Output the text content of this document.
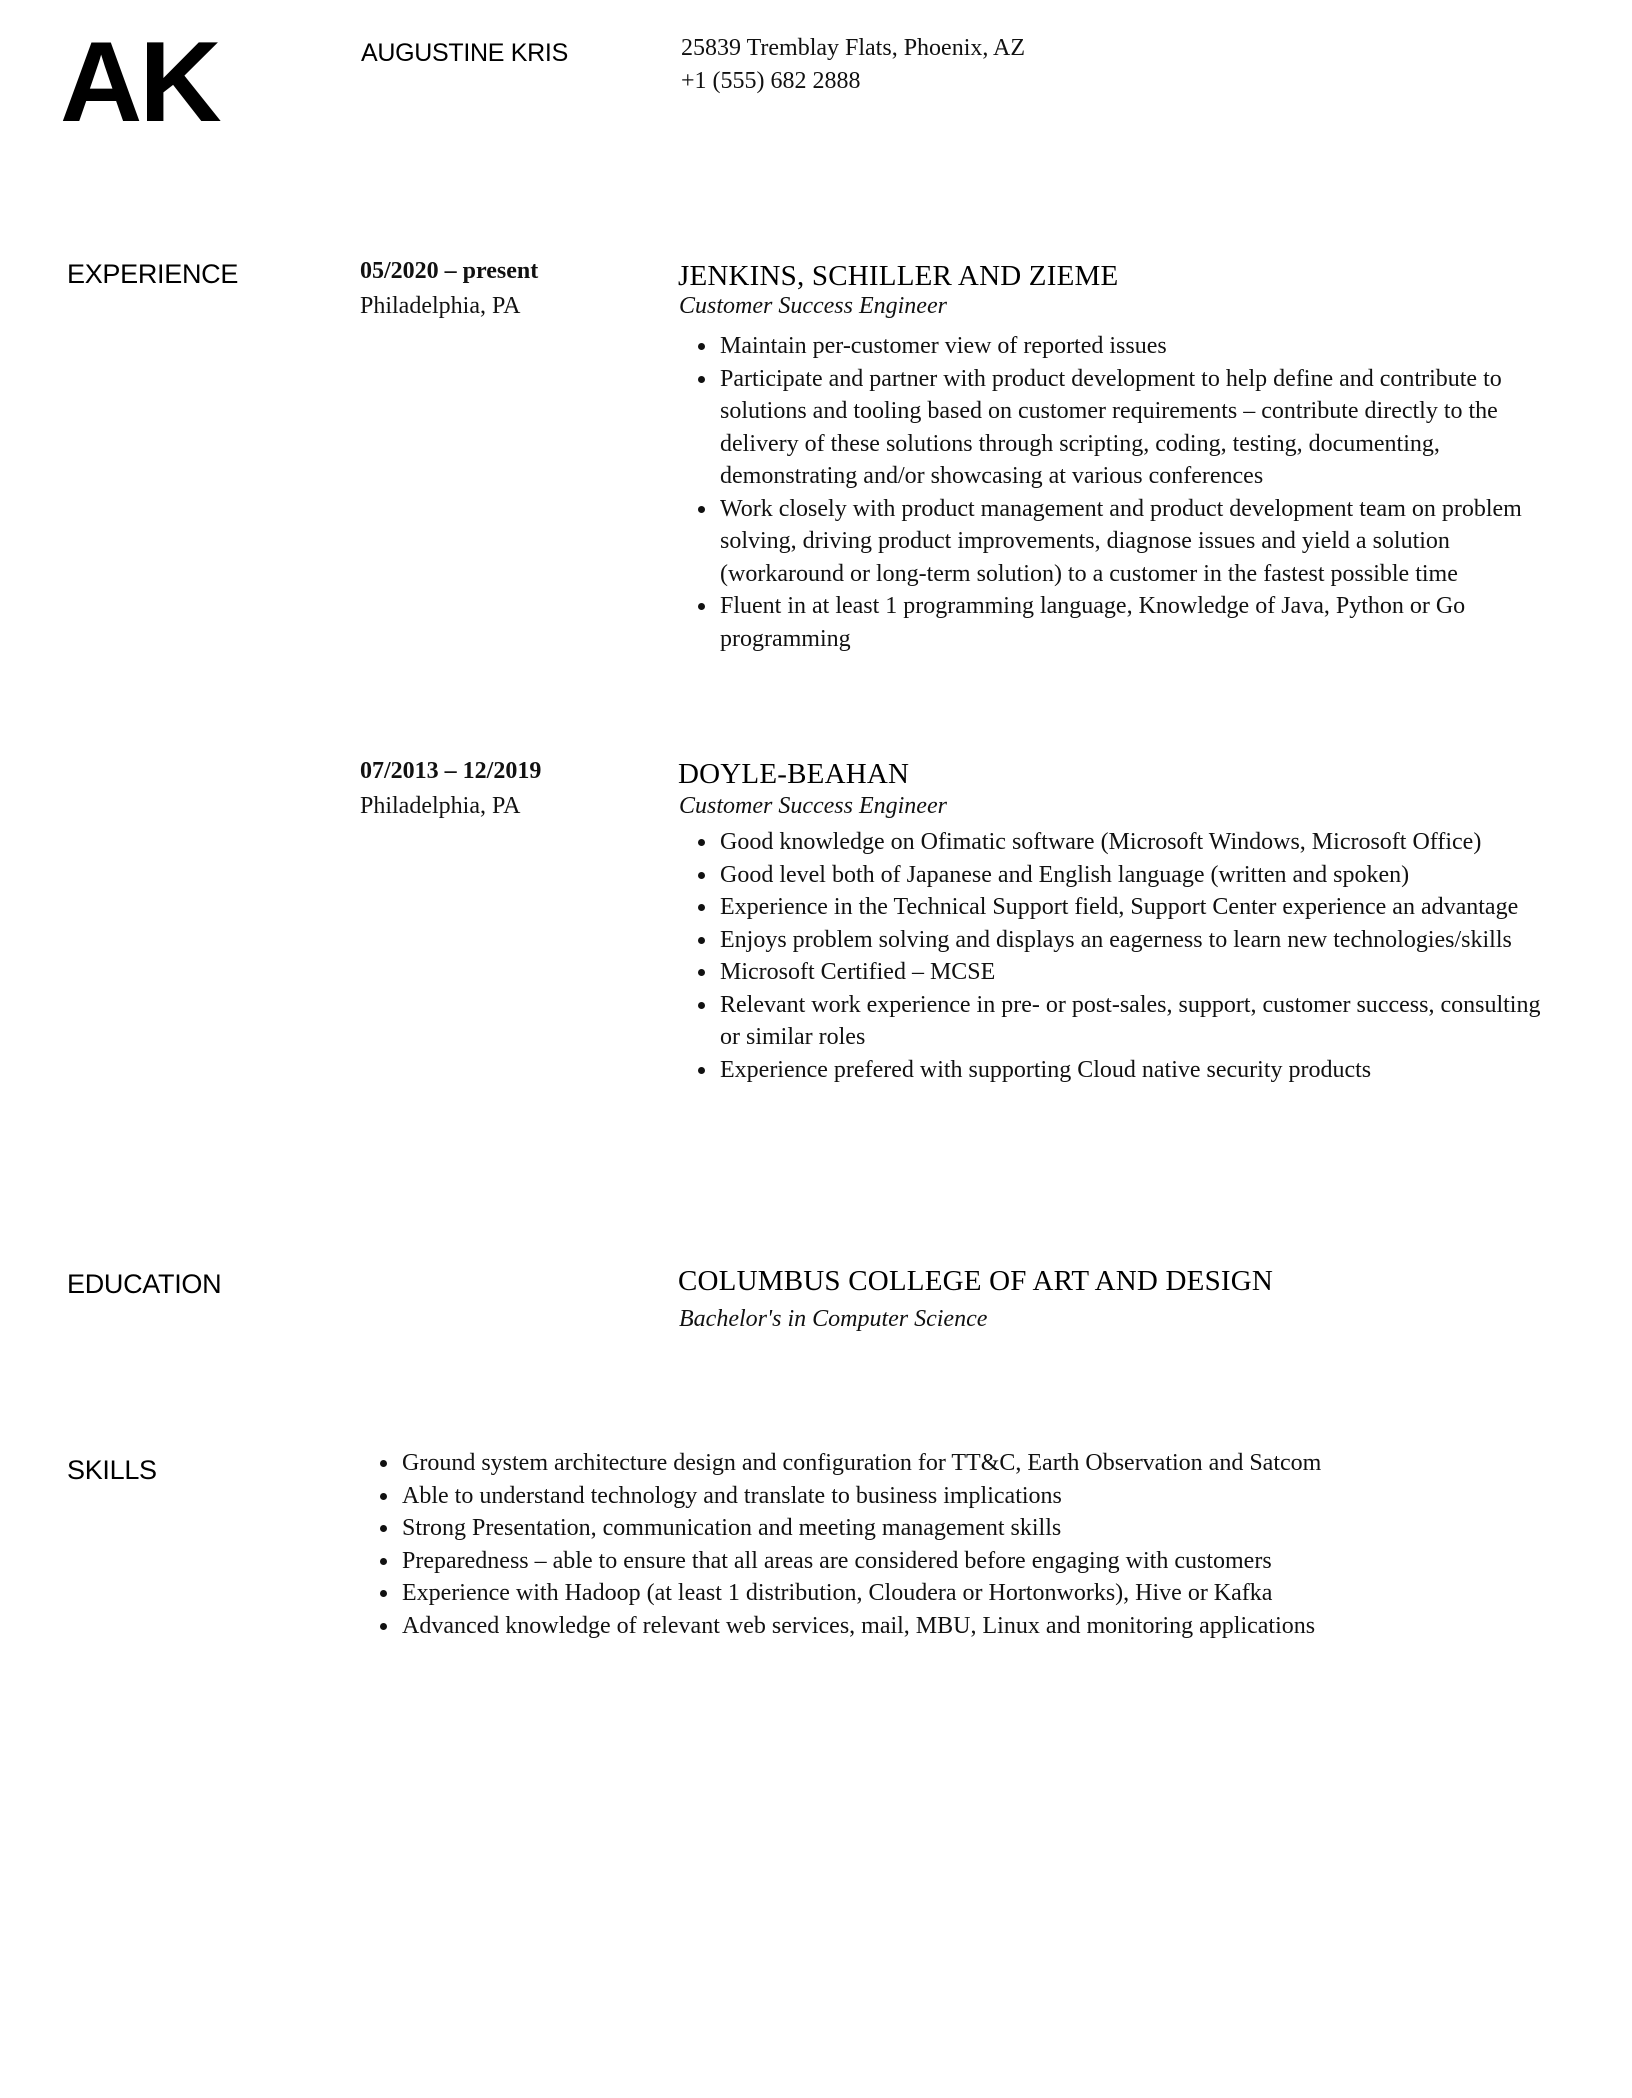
AK	AUGUSTINE KRIS	25839 Tremblay Flats, Phoenix, AZ
+1 (555) 682 2888
EXPERIENCE	05/2020 – present
Philadelphia, PA
JENKINS, SCHILLER AND ZIEME
Customer Success Engineer
Maintain per-customer view of reported issues
Participate and partner with product development to help define and contribute to solutions and tooling based on customer requirements – contribute directly to the delivery of these solutions through scripting, coding, testing, documenting, demonstrating and/or showcasing at various conferences
Work closely with product management and product development team on problem solving, driving product improvements, diagnose issues and yield a solution (workaround or long-term solution) to a customer in the fastest possible time
Fluent in at least 1 programming language, Knowledge of Java, Python or Go programming
07/2013 – 12/2019
Philadelphia, PA
DOYLE-BEAHAN
Customer Success Engineer
Good knowledge on Ofimatic software (Microsoft Windows, Microsoft Office)
Good level both of Japanese and English language (written and spoken)
Experience in the Technical Support field, Support Center experience an advantage
Enjoys problem solving and displays an eagerness to learn new technologies/skills
Microsoft Certified – MCSE
Relevant work experience in pre- or post-sales, support, customer success, consulting or similar roles
Experience prefered with supporting Cloud native security products
EDUCATION	COLUMBUS COLLEGE OF ART AND DESIGN
Bachelor's in Computer Science
SKILLS	Ground system architecture design and configuration for TT&C, Earth Observation and Satcom
Able to understand technology and translate to business implications
Strong Presentation, communication and meeting management skills
Preparedness – able to ensure that all areas are considered before engaging with customers
Experience with Hadoop (at least 1 distribution, Cloudera or Hortonworks), Hive or Kafka
Advanced knowledge of relevant web services, mail, MBU, Linux and monitoring applications
